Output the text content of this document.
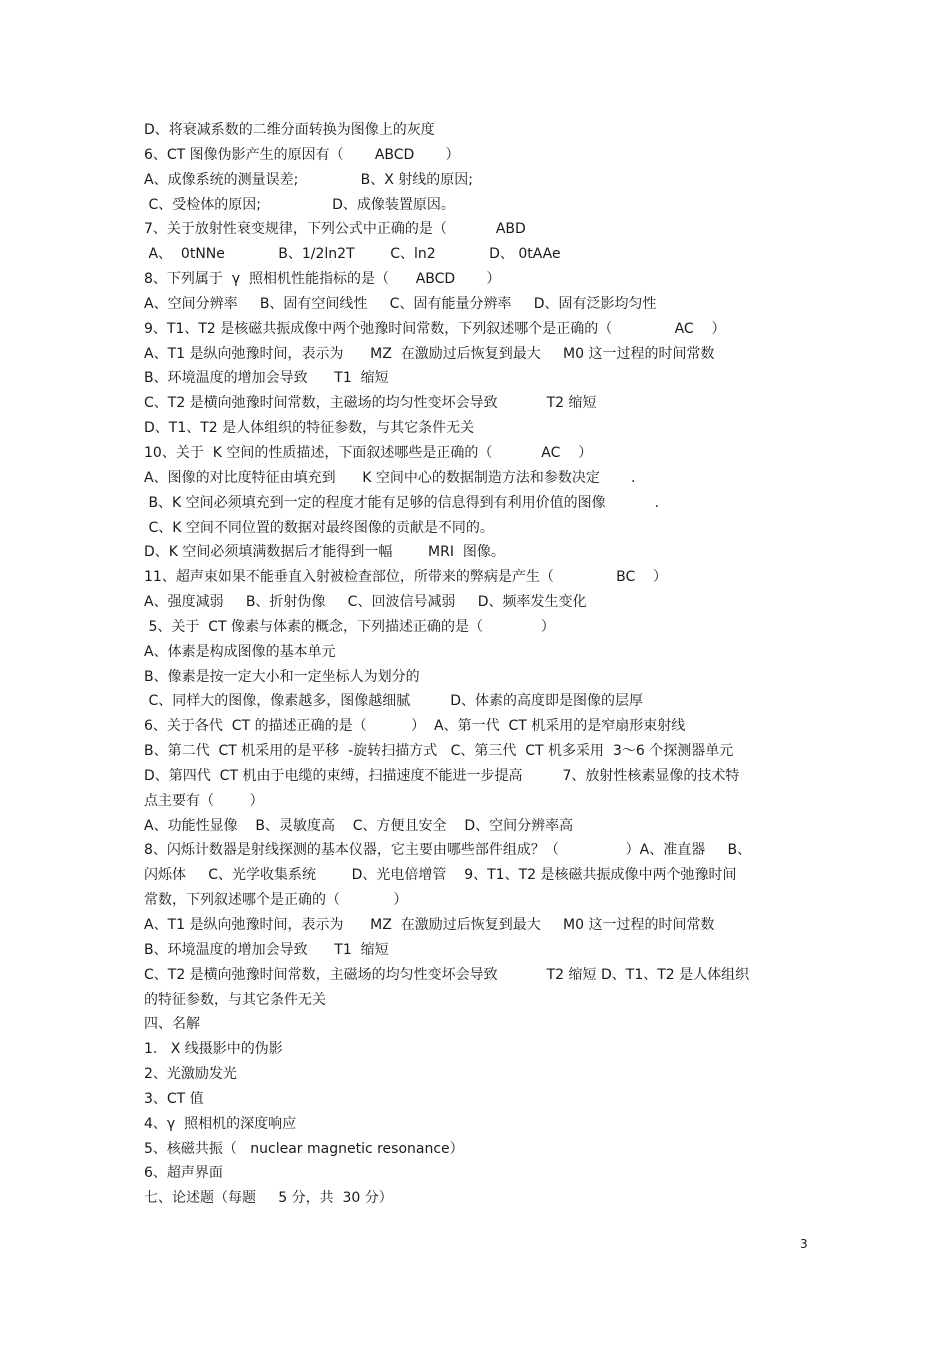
D、将衰减系数的二维分面转换为图像上的灰度
6、CT 图像伪影产生的原因有（       ABCD       ）
A、成像系统的测量误差;              B、X 射线的原因;
C、受检体的原因;                D、成像装置原因。
7、关于放射性衰变规律，下列公式中正确的是（           ABD
A、  0tNNe            B、1/2ln2T        C、ln2            D、 0tAAe
8、下列属于  γ  照相机性能指标的是（      ABCD       ）
A、空间分辨率     B、固有空间线性     C、固有能量分辨率     D、固有泛影均匀性
9、T1、T2 是核磁共振成像中两个弛豫时间常数，下列叙述哪个是正确的（              AC    ）
A、T1 是纵向弛豫时间，表示为      MZ  在激励过后恢复到最大     M0 这一过程的时间常数
B、环境温度的增加会导致      T1  缩短
C、T2 是横向弛豫时间常数，主磁场的均匀性变坏会导致           T2 缩短
D、T1、T2 是人体组织的特征参数，与其它条件无关
10、关于  K 空间的性质描述，下面叙述哪些是正确的（           AC    ）
A、图像的对比度特征由填充到      K 空间中心的数据制造方法和参数决定       .
B、K 空间必须填充到一定的程度才能有足够的信息得到有利用价值的图像           .
C、K 空间不同位置的数据对最终图像的贡献是不同的。
D、K 空间必须填满数据后才能得到一幅        MRI  图像。
11、超声束如果不能垂直入射被检查部位，所带来的弊病是产生（              BC    ）
A、强度减弱     B、折射伪像     C、回波信号减弱     D、频率发生变化
5、关于  CT 像素与体素的概念，下列描述正确的是（             ）
A、体素是构成图像的基本单元
B、像素是按一定大小和一定坐标人为划分的
C、同样大的图像，像素越多，图像越细腻         D、体素的高度即是图像的层厚
6、关于各代  CT 的描述正确的是（          ）  A、第一代  CT 机采用的是窄扇形束射线
B、第二代  CT 机采用的是平移  -旋转扫描方式   C、第三代  CT 机多采用  3～6 个探测器单元
D、第四代  CT 机由于电缆的束缚，扫描速度不能进一步提高         7、放射性核素显像的技术特
点主要有（        ）
A、功能性显像    B、灵敏度高    C、方便且安全    D、空间分辨率高
8、闪烁计数器是射线探测的基本仪器，它主要由哪些部件组成？（               ）A、准直器     B、
闪烁体     C、光学收集系统        D、光电倍增管    9、T1、T2 是核磁共振成像中两个弛豫时间
常数，下列叙述哪个是正确的（            ）
A、T1 是纵向弛豫时间，表示为      MZ  在激励过后恢复到最大     M0 这一过程的时间常数
B、环境温度的增加会导致      T1  缩短
C、T2 是横向弛豫时间常数，主磁场的均匀性变坏会导致           T2 缩短 D、T1、T2 是人体组织
的特征参数，与其它条件无关
四、名解
1.   X 线摄影中的伪影
2、光激励发光
3、CT 值
4、γ  照相机的深度响应
5、核磁共振（   nuclear magnetic resonance）
6、超声界面
七、论述题（每题     5 分，共  30 分）
3
